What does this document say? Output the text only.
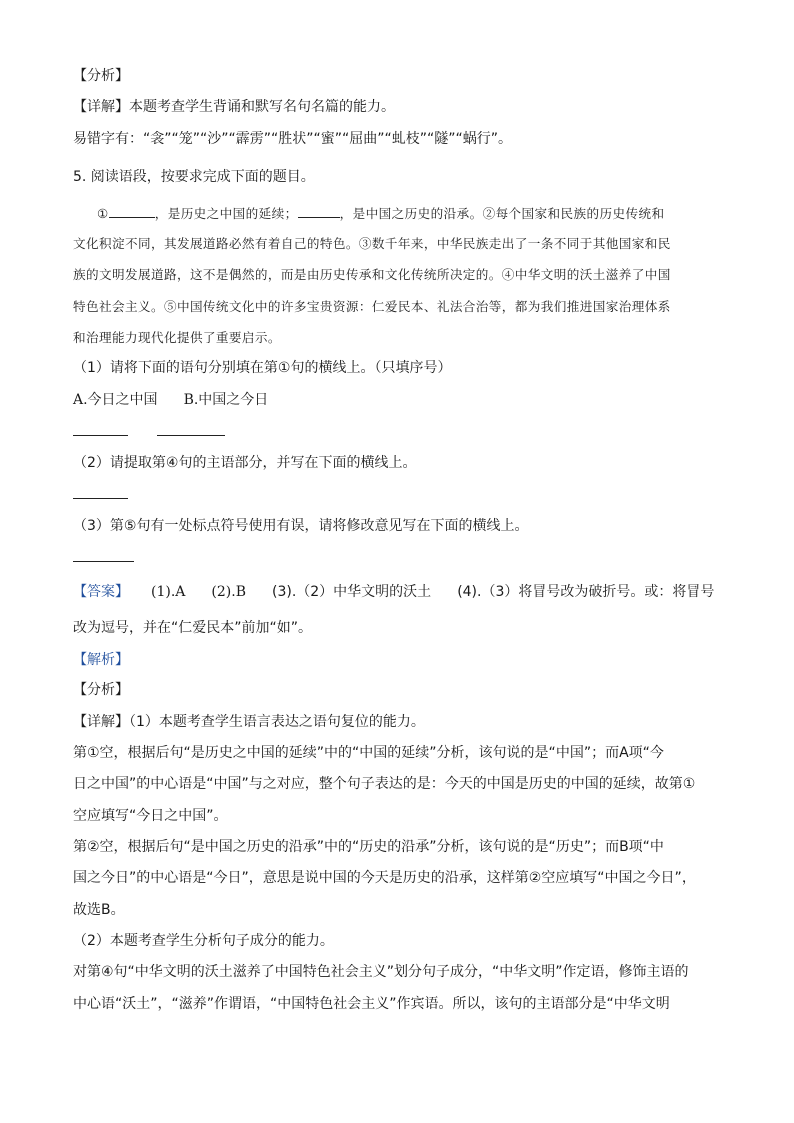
【分析】
【详解】本题考查学生背诵和默写名句名篇的能力。
易错字有：“衾”“笼”“沙”“霹雳”“胜状”“蜜”“屈曲”“虬枝”“隧”“蜗行”。
5. 阅读语段，按要求完成下面的题目。
①	，是历史之中国的延续；	，是中国之历史的沿承。②每个国家和民族的历史传统和
文化积淀不同，其发展道路必然有着自己的特色。③数千年来，中华民族走出了一条不同于其他国家和民
族的文明发展道路，这不是偶然的，而是由历史传承和文化传统所决定的。④中华文明的沃土滋养了中国
特色社会主义。⑤中国传统文化中的许多宝贵资源：仁爱民本、礼法合治等，都为我们推进国家治理体系
和治理能力现代化提供了重要启示。
（1）请将下面的语句分别填在第①句的横线上。（只填序号）
A.今日之中国 B.中国之今日
（2）请提取第④句的主语部分，并写在下面的横线上。
（3）第⑤句有一处标点符号使用有误，请将修改意见写在下面的横线上。
【答案】 (1).A (2).B (3).（2）中华文明的沃土 (4).（3）将冒号改为破折号。或：将冒号
改为逗号，并在“仁爱民本”前加“如”。
【解析】
【分析】
【详解】（1）本题考查学生语言表达之语句复位的能力。
第①空，根据后句“是历史之中国的延续”中的“中国的延续”分析，该句说的是“中国”；而A项“今
日之中国”的中心语是“中国”与之对应，整个句子表达的是：今天的中国是历史的中国的延续，故第①
空应填写“今日之中国”。
第②空，根据后句“是中国之历史的沿承”中的“历史的沿承”分析，该句说的是“历史”；而B项“中
国之今日”的中心语是“今日”，意思是说中国的今天是历史的沿承，这样第②空应填写“中国之今日”，
故选B。
（2）本题考查学生分析句子成分的能力。
对第④句“中华文明的沃土滋养了中国特色社会主义”划分句子成分，“中华文明”作定语，修饰主语的
中心语“沃土”，“滋养”作谓语，“中国特色社会主义”作宾语。所以，该句的主语部分是“中华文明
